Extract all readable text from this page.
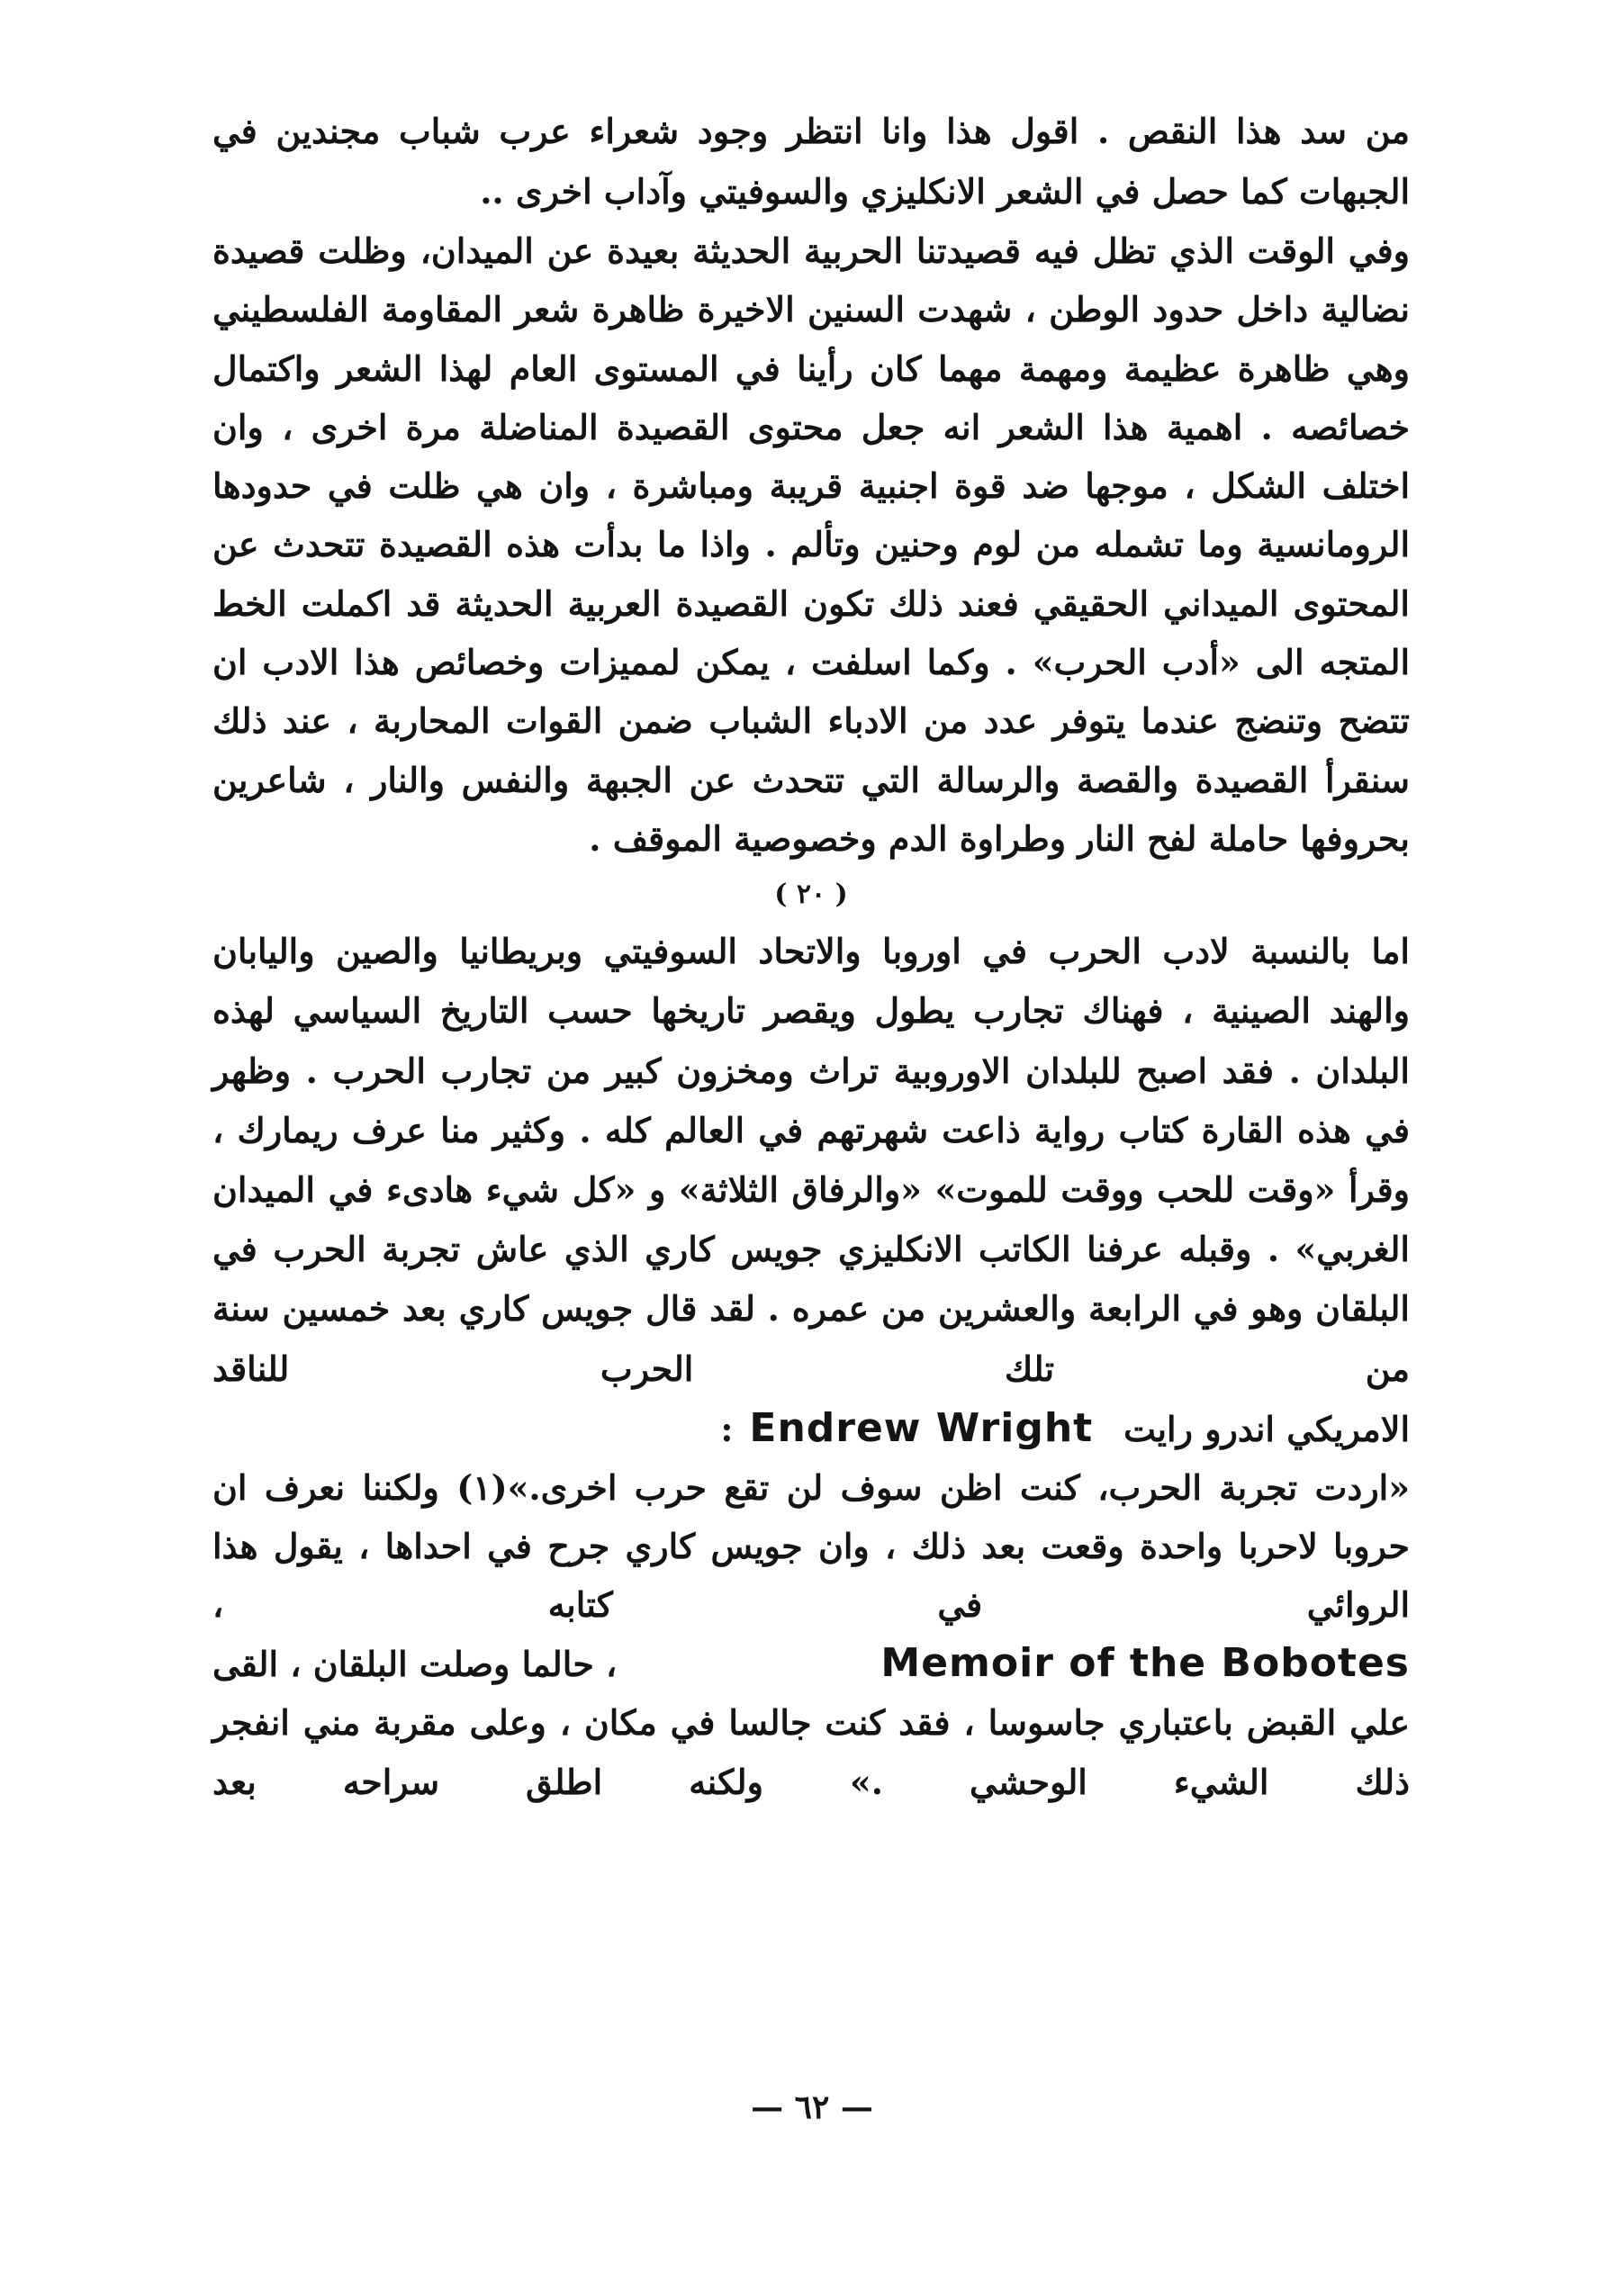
من سد هذا النقص . اقول هذا وانا انتظر وجود شعراء عرب شباب مجندين في الجبهات كما حصل في الشعر الانكليزي والسوفيتي وآداب اخرى ..

وفي الوقت الذي تظل فيه قصيدتنا الحربية الحديثة بعيدة عن الميدان، وظلت قصيدة نضالية داخل حدود الوطن ، شهدت السنين الاخيرة ظاهرة شعر المقاومة الفلسطيني وهي ظاهرة عظيمة ومهمة مهما كان رأينا في المستوى العام لهذا الشعر واكتمال خصائصه . اهمية هذا الشعر انه جعل محتوى القصيدة المناضلة مرة اخرى ، وان اختلف الشكل ، موجها ضد قوة اجنبية قريبة ومباشرة ، وان هي ظلت في حدودها الرومانسية وما تشمله من لوم وحنين وتألم . واذا ما بدأت هذه القصيدة تتحدث عن المحتوى الميداني الحقيقي فعند ذلك تكون القصيدة العربية الحديثة قد اكملت الخط المتجه الى «أدب الحرب» . وكما اسلفت ، يمكن لمميزات وخصائص هذا الادب ان تتضح وتنضج عندما يتوفر عدد من الادباء الشباب ضمن القوات المحاربة ، عند ذلك سنقرأ القصيدة والقصة والرسالة التي تتحدث عن الجبهة والنفس والنار ، شاعرين بحروفها حاملة لفح النار وطراوة الدم وخصوصية الموقف .

( ٢٠ )

اما بالنسبة لادب الحرب في اوروبا والاتحاد السوفيتي وبريطانيا والصين واليابان والهند الصينية ، فهناك تجارب يطول ويقصر تاريخها حسب التاريخ السياسي لهذه البلدان . فقد اصبح للبلدان الاوروبية تراث ومخزون كبير من تجارب الحرب . وظهر في هذه القارة كتاب رواية ذاعت شهرتهم في العالم كله . وكثير منا عرف ريمارك ، وقرأ «وقت للحب ووقت للموت» «والرفاق الثلاثة» و «كل شيء هادىء في الميدان الغربي» . وقبله عرفنا الكاتب الانكليزي جويس كاري الذي عاش تجربة الحرب في البلقان وهو في الرابعة والعشرين من عمره . لقد قال جويس كاري بعد خمسين سنة من تلك الحرب للناقد

: Endrew Wright الامريكي اندرو رايت

«اردت تجربة الحرب، كنت اظن سوف لن تقع حرب اخرى.»(١) ولكننا نعرف ان حروبا لاحربا واحدة وقعت بعد ذلك ، وان جويس كاري جرح في احداها ، يقول هذا الروائي في كتابه ،

، حالما وصلت البلقان ، القى	Memoir of the Bobotes

علي القبض باعتباري جاسوسا ، فقد كنت جالسا في مكان ، وعلى مقربة مني انفجر ذلك الشيء الوحشي .» ولكنه اطلق سراحه بعد

— ٦٢ —
